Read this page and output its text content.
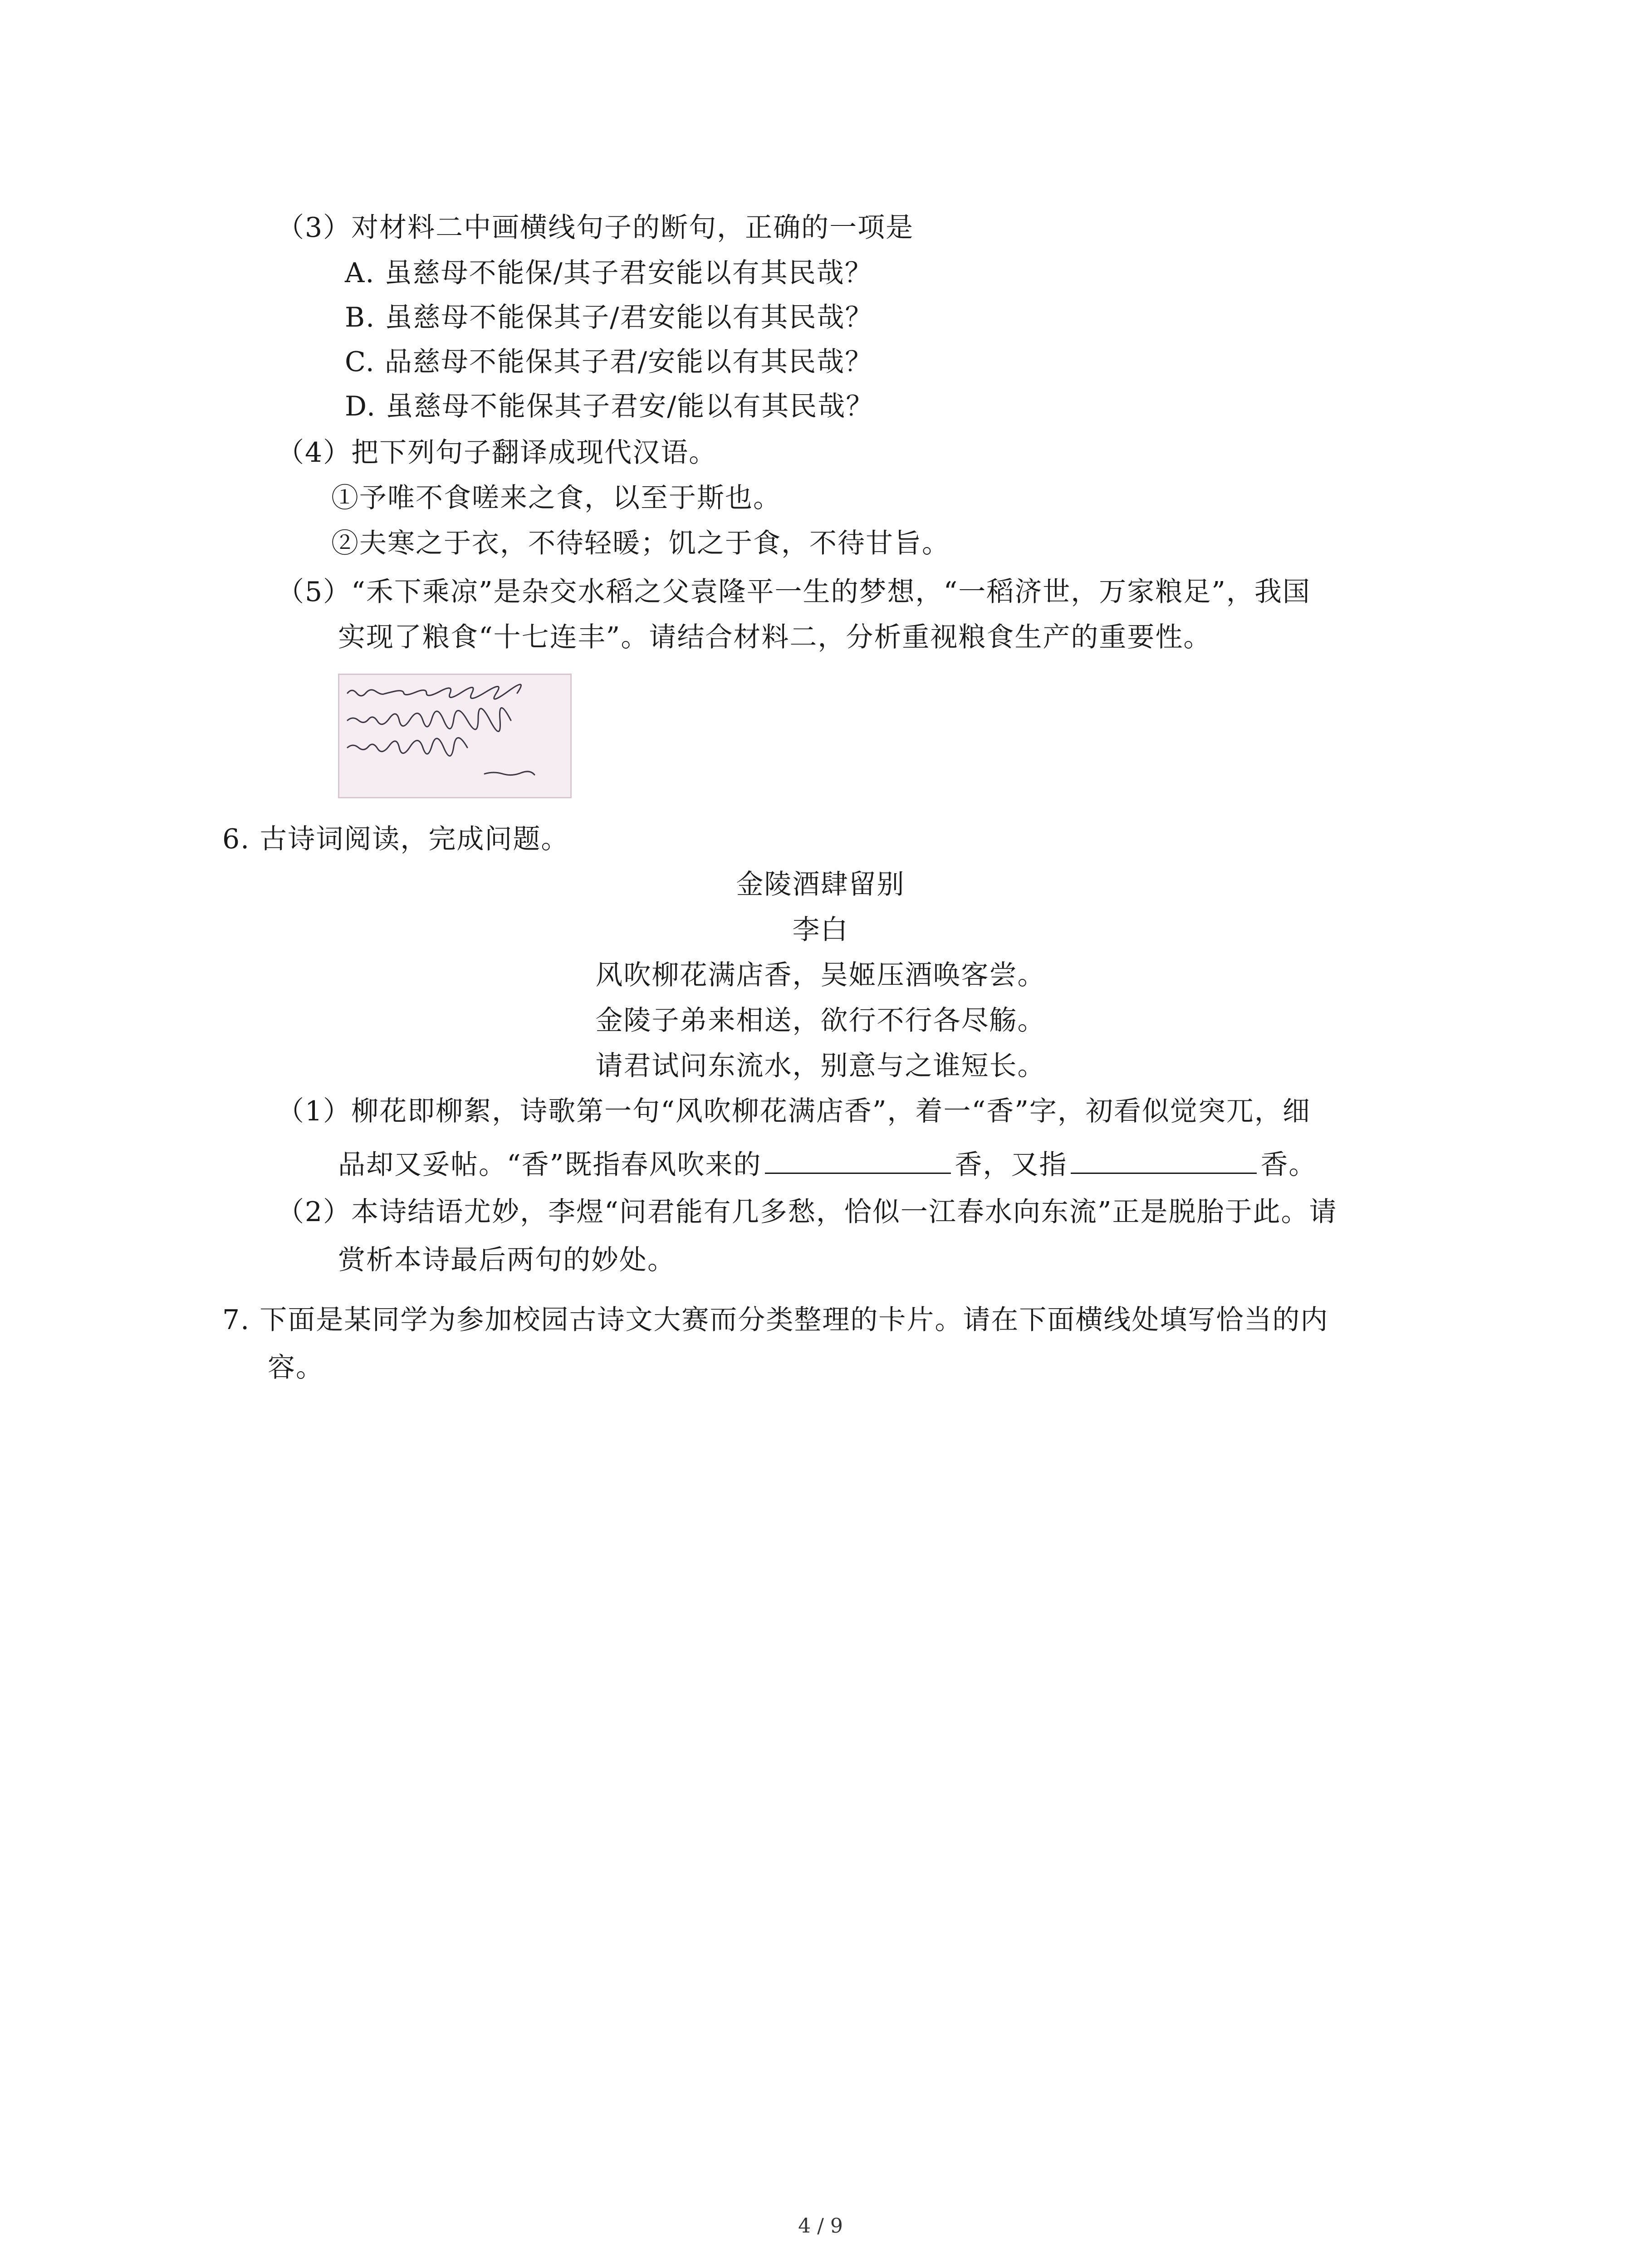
（3）对材料二中画横线句子的断句，正确的一项是
A. 虽慈母不能保/其子君安能以有其民哉？
B. 虽慈母不能保其子/君安能以有其民哉？
C. 品慈母不能保其子君/安能以有其民哉？
D. 虽慈母不能保其子君安/能以有其民哉？
（4）把下列句子翻译成现代汉语。
①予唯不食嗟来之食，以至于斯也。
②夫寒之于衣，不待轻暖；饥之于食，不待甘旨。
（5）“禾下乘凉”是杂交水稻之父袁隆平一生的梦想，“一稻济世，万家粮足”，我国
实现了粮食“十七连丰”。请结合材料二，分析重视粮食生产的重要性。
6. 古诗词阅读，完成问题。
金陵酒肆留别
李白
风吹柳花满店香，吴姬压酒唤客尝。
金陵子弟来相送，欲行不行各尽觞。
请君试问东流水，别意与之谁短长。
（1）柳花即柳絮，诗歌第一句“风吹柳花满店香”，着一“香”字，初看似觉突兀，细
品却又妥帖。“香”既指春风吹来的	香，又指	香。
（2）本诗结语尤妙，李煜“问君能有几多愁，恰似一江春水向东流”正是脱胎于此。请
赏析本诗最后两句的妙处。
7. 下面是某同学为参加校园古诗文大赛而分类整理的卡片。请在下面横线处填写恰当的内
容。
4 / 9
